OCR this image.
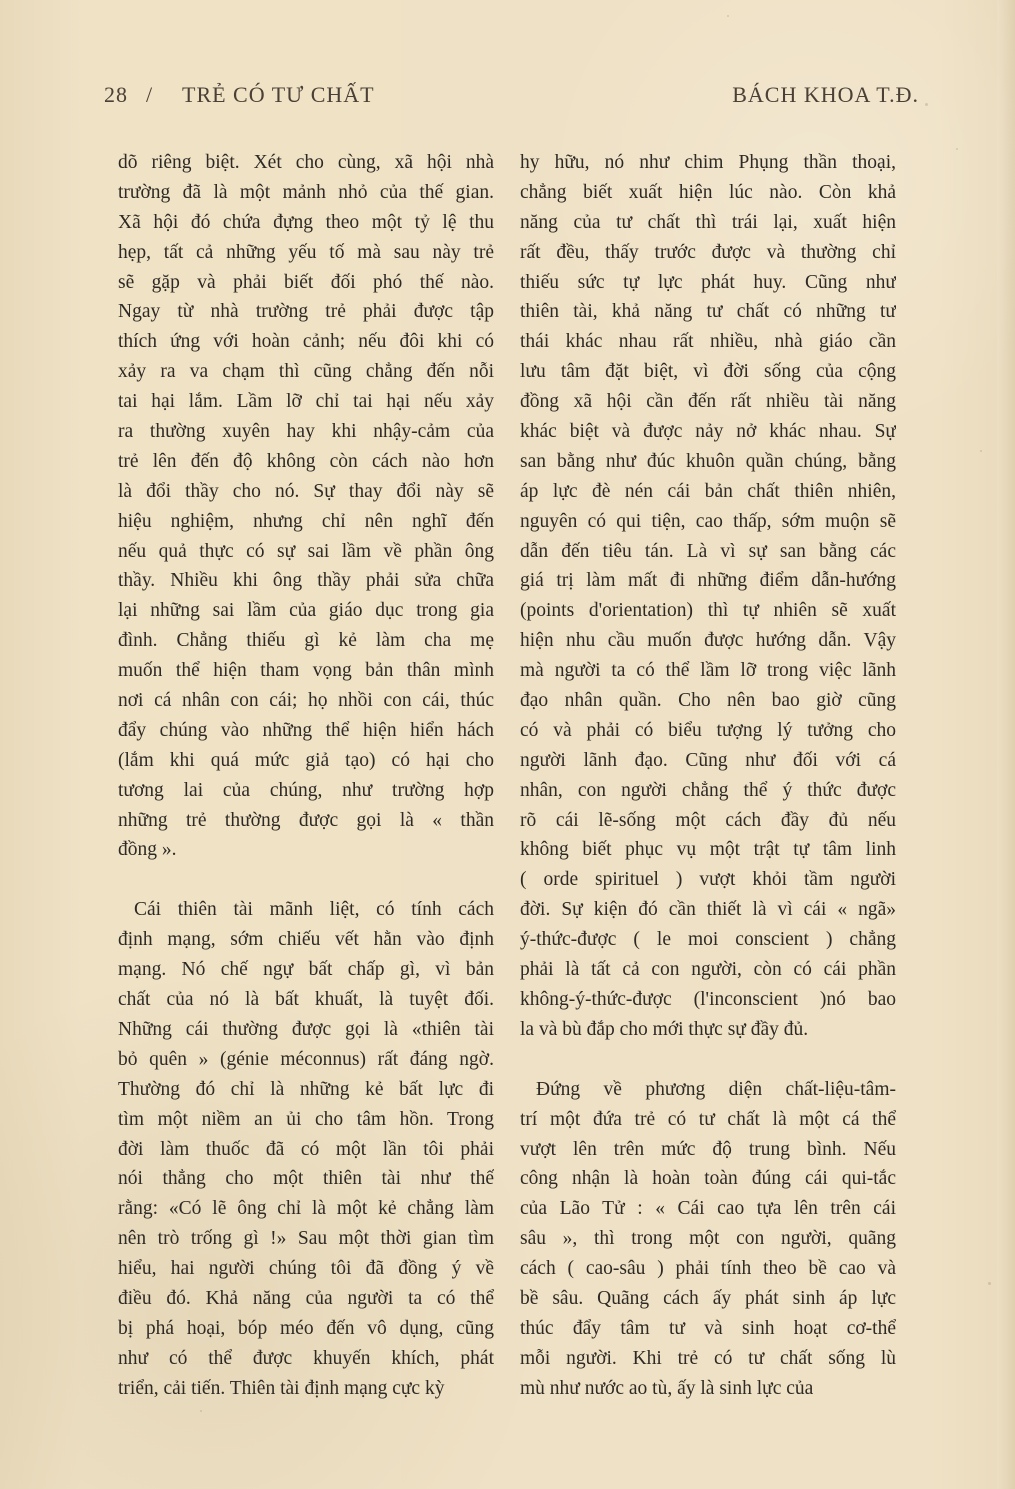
28 / TRẺ CÓ TƯ CHẤT	BÁCH KHOA T.Đ.
dõ riêng biệt. Xét cho cùng, xã hội nhà
trường đã là một mảnh nhỏ của thế gian.
Xã hội đó chứa đựng theo một tỷ lệ thu
hẹp, tất cả những yếu tố mà sau này trẻ
sẽ gặp và phải biết đối phó thế nào.
Ngay từ nhà trường trẻ phải được tập
thích ứng với hoàn cảnh; nếu đôi khi có
xảy ra va chạm thì cũng chẳng đến nỗi
tai hại lắm. Lầm lỡ chỉ tai hại nếu xảy
ra thường xuyên hay khi nhậy-cảm của
trẻ lên đến độ không còn cách nào hơn
là đổi thầy cho nó. Sự thay đổi này sẽ
hiệu nghiệm, nhưng chỉ nên nghĩ đến
nếu quả thực có sự sai lầm về phần ông
thầy. Nhiều khi ông thầy phải sửa chữa
lại những sai lầm của giáo dục trong gia
đình. Chẳng thiếu gì kẻ làm cha mẹ
muốn thể hiện tham vọng bản thân mình
nơi cá nhân con cái; họ nhồi con cái, thúc
đẩy chúng vào những thể hiện hiển hách
(lắm khi quá mức giả tạo) có hại cho
tương lai của chúng, như trường hợp
những trẻ thường được gọi là « thần
đồng ».
Cái thiên tài mãnh liệt, có tính cách
định mạng, sớm chiếu vết hằn vào định
mạng. Nó chế ngự bất chấp gì, vì bản
chất của nó là bất khuất, là tuyệt đối.
Những cái thường được gọi là «thiên tài
bỏ quên » (génie méconnus) rất đáng ngờ.
Thường đó chỉ là những kẻ bất lực đi
tìm một niềm an ủi cho tâm hồn. Trong
đời làm thuốc đã có một lần tôi phải
nói thẳng cho một thiên tài như thế
rằng: «Có lẽ ông chỉ là một kẻ chẳng làm
nên trò trống gì !» Sau một thời gian tìm
hiểu, hai người chúng tôi đã đồng ý về
điều đó. Khả năng của người ta có thể
bị phá hoại, bóp méo đến vô dụng, cũng
như có thể được khuyến khích, phát
triển, cải tiến. Thiên tài định mạng cực kỳ
hy hữu, nó như chim Phụng thần thoại,
chẳng biết xuất hiện lúc nào. Còn khả
năng của tư chất thì trái lại, xuất hiện
rất đều, thấy trước được và thường chỉ
thiếu sức tự lực phát huy. Cũng như
thiên tài, khả năng tư chất có những tư
thái khác nhau rất nhiều, nhà giáo cần
lưu tâm đặt biệt, vì đời sống của cộng
đồng xã hội cần đến rất nhiều tài năng
khác biệt và được nảy nở khác nhau. Sự
san bằng như đúc khuôn quần chúng, bằng
áp lực đè nén cái bản chất thiên nhiên,
nguyên có qui tiện, cao thấp, sớm muộn sẽ
dẫn đến tiêu tán. Là vì sự san bằng các
giá trị làm mất đi những điểm dẫn-hướng
(points d'orientation) thì tự nhiên sẽ xuất
hiện nhu cầu muốn được hướng dẫn. Vậy
mà người ta có thể lầm lỡ trong việc lãnh
đạo nhân quần. Cho nên bao giờ cũng
có và phải có biểu tượng lý tưởng cho
người lãnh đạo. Cũng như đối với cá
nhân, con người chẳng thể ý thức được
rõ cái lẽ-sống một cách đầy đủ nếu
không biết phục vụ một trật tự tâm linh
( orde spirituel ) vượt khỏi tầm người
đời. Sự kiện đó cần thiết là vì cái « ngã»
ý-thức-được ( le moi conscient ) chẳng
phải là tất cả con người, còn có cái phần
không-ý-thức-được (l'inconscient )nó bao
la và bù đắp cho mới thực sự đầy đủ.
Đứng về phương diện chất-liệu-tâm-
trí một đứa trẻ có tư chất là một cá thể
vượt lên trên mức độ trung bình. Nếu
công nhận là hoàn toàn đúng cái qui-tắc
của Lão Tử : « Cái cao tựa lên trên cái
sâu », thì trong một con người, quãng
cách ( cao-sâu ) phải tính theo bề cao và
bề sâu. Quãng cách ấy phát sinh áp lực
thúc đẩy tâm tư và sinh hoạt cơ-thể
mỗi người. Khi trẻ có tư chất sống lù
mù như nước ao tù, ấy là sinh lực của
